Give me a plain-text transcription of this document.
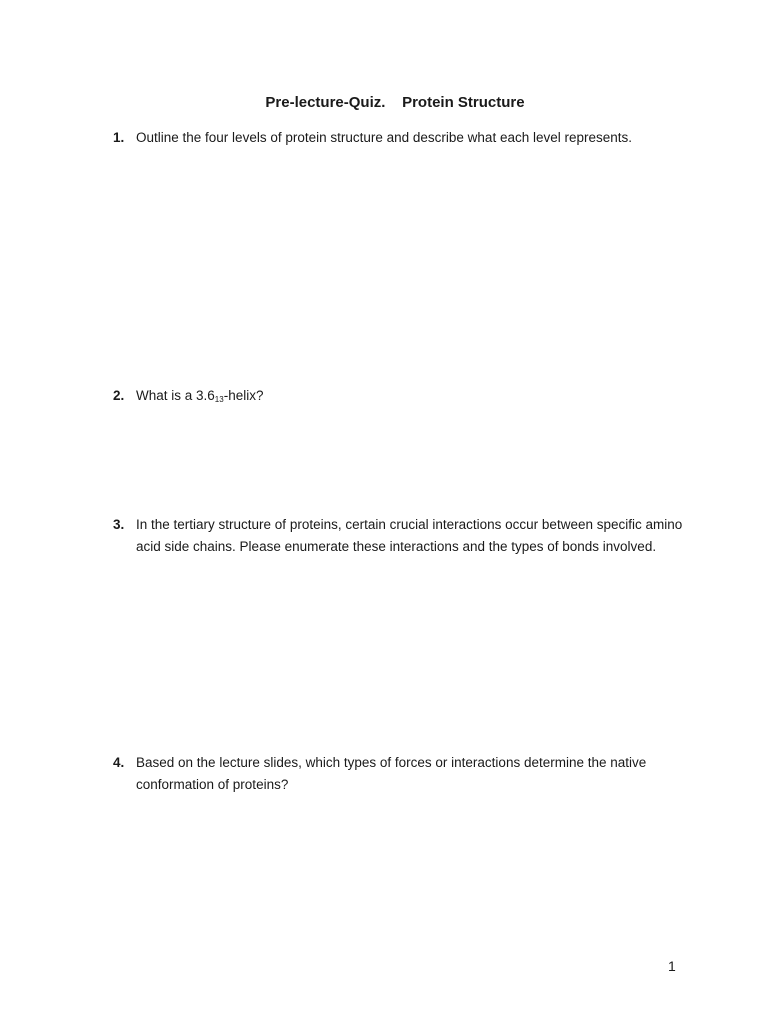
Pre-lecture-Quiz.    Protein Structure
1. Outline the four levels of protein structure and describe what each level represents.
2. What is a $3.6_{13}$-helix?
3. In the tertiary structure of proteins, certain crucial interactions occur between specific amino acid side chains. Please enumerate these interactions and the types of bonds involved.
4. Based on the lecture slides, which types of forces or interactions determine the native conformation of proteins?
1
